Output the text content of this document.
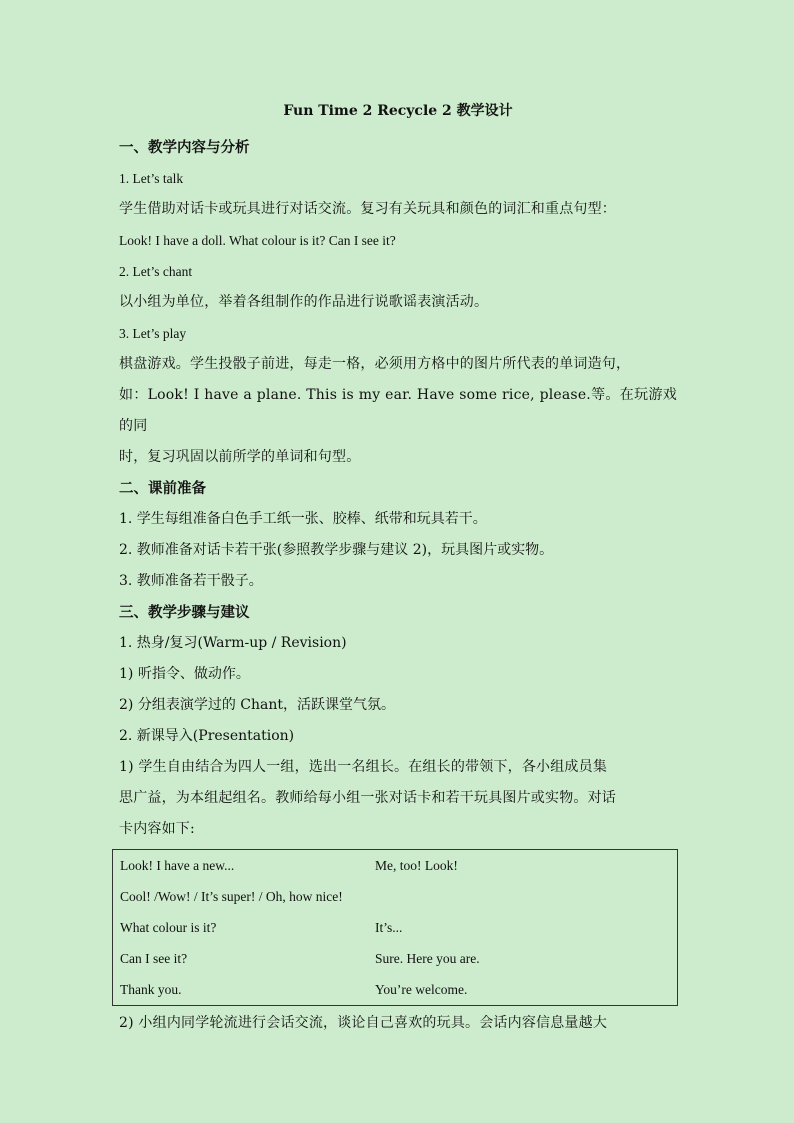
Fun Time 2 Recycle 2 教学设计
一、教学内容与分析
1. Let’s talk
学生借助对话卡或玩具进行对话交流。复习有关玩具和颜色的词汇和重点句型：
Look! I have a doll. What colour is it? Can I see it?
2. Let’s chant
以小组为单位，举着各组制作的作品进行说歌谣表演活动。
3. Let’s play
棋盘游戏。学生投骰子前进，每走一格，必须用方格中的图片所代表的单词造句，
如：Look! I have a plane. This is my ear. Have some rice, please.等。在玩游戏的同
时，复习巩固以前所学的单词和句型。
二、课前准备
1. 学生每组准备白色手工纸一张、胶棒、纸带和玩具若干。
2. 教师准备对话卡若干张(参照教学步骤与建议 2)，玩具图片或实物。
3. 教师准备若干骰子。
三、教学步骤与建议
1. 热身/复习(Warm-up / Revision)
1) 听指令、做动作。
2) 分组表演学过的 Chant，活跃课堂气氛。
2. 新课导入(Presentation)
1) 学生自由结合为四人一组，选出一名组长。在组长的带领下，各小组成员集
思广益，为本组起组名。教师给每小组一张对话卡和若干玩具图片或实物。对话
卡内容如下:
Look! I have a new...	Me, too! Look!
Cool! /Wow! / It’s super! / Oh, how nice!
What colour is it?	It’s...
Can I see it?	Sure. Here you are.
Thank you.	You’re welcome.
2) 小组内同学轮流进行会话交流，谈论自己喜欢的玩具。会话内容信息量越大
